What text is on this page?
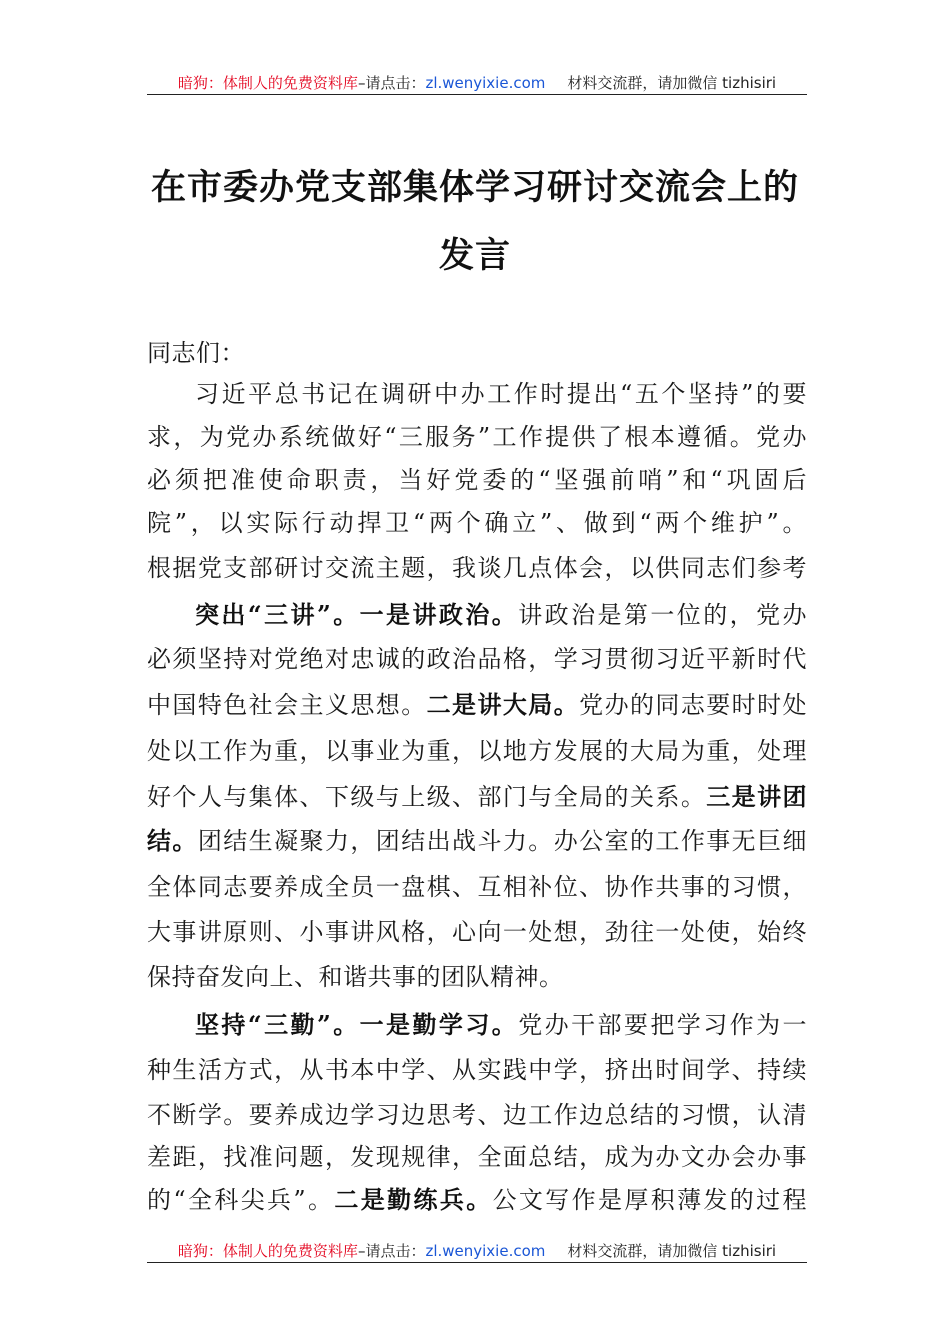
暗狗：体制人的免费资料库 –请点击： zl.wenyixie.com 材料交流群，请加微信 tizhisiri
在市委办党支部集体学习研讨交流会上的
发言
同志们：
习近平总书记在调研中办工作时提出“五个坚持”的要
求，为党办系统做好“三服务”工作提供了根本遵循。党办
必须把准使命职责，当好党委的“坚强前哨”和“巩固后
院”，以实际行动捍卫“两个确立”、做到“两个维护”。
根据党支部研讨交流主题，我谈几点体会，以供同志们参考
突出“三讲”。一是讲政治。讲政治是第一位的，党办
必须坚持对党绝对忠诚的政治品格，学习贯彻习近平新时代
中国特色社会主义思想。二是讲大局。党办的同志要时时处
处以工作为重，以事业为重，以地方发展的大局为重，处理
好个人与集体、下级与上级、部门与全局的关系。三是讲团
结。团结生凝聚力，团结出战斗力。办公室的工作事无巨细
全体同志要养成全员一盘棋、互相补位、协作共事的习惯，
大事讲原则、小事讲风格，心向一处想，劲往一处使，始终
保持奋发向上、和谐共事的团队精神。
坚持“三勤”。一是勤学习。党办干部要把学习作为一
种生活方式，从书本中学、从实践中学，挤出时间学、持续
不断学。要养成边学习边思考、边工作边总结的习惯，认清
差距，找准问题，发现规律，全面总结，成为办文办会办事
的“全科尖兵”。二是勤练兵。公文写作是厚积薄发的过程
暗狗：体制人的免费资料库 –请点击： zl.wenyixie.com 材料交流群，请加微信 tizhisiri
